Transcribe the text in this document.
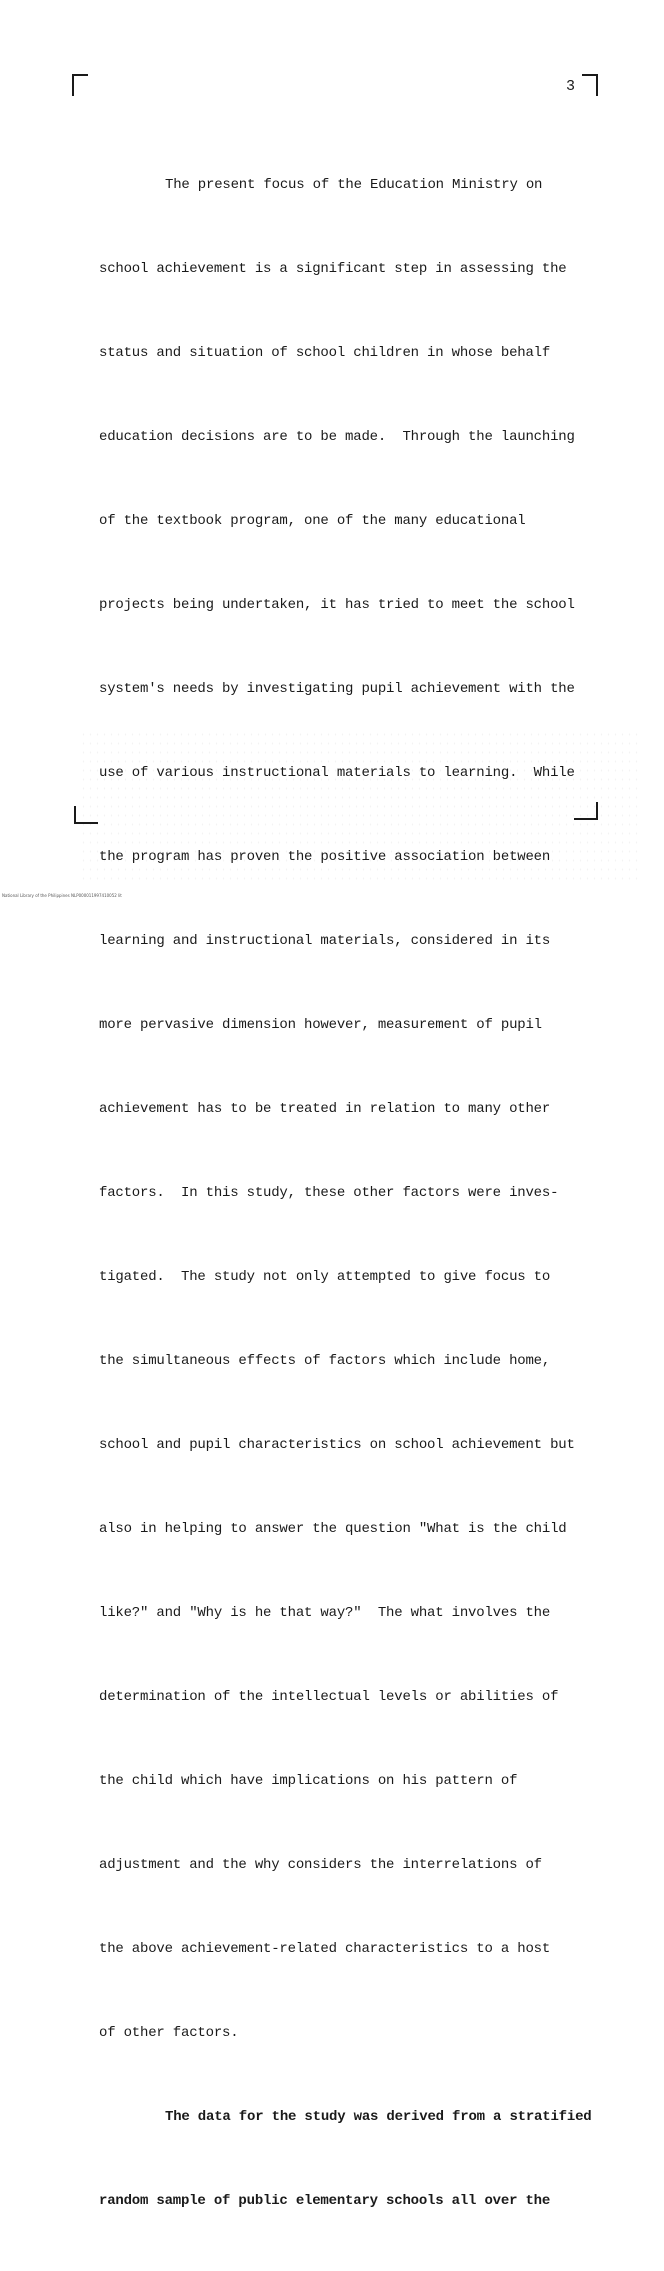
3

The present focus of the Education Ministry on

school achievement is a significant step in assessing the

status and situation of school children in whose behalf

education decisions are to be made.  Through the launching

of the textbook program, one of the many educational

projects being undertaken, it has tried to meet the school

system's needs by investigating pupil achievement with the

use of various instructional materials to learning.  While

the program has proven the positive association between

learning and instructional materials, considered in its

more pervasive dimension however, measurement of pupil

achievement has to be treated in relation to many other

factors.  In this study, these other factors were inves-

tigated.  The study not only attempted to give focus to

the simultaneous effects of factors which include home,

school and pupil characteristics on school achievement but

also in helping to answer the question "What is the child

like?" and "Why is he that way?"  The what involves the

determination of the intellectual levels or abilities of

the child which have implications on his pattern of

adjustment and the why considers the interrelations of

the above achievement-related characteristics to a host

of other factors.

The data for the study was derived from a stratified

random sample of public elementary schools all over the

National Library of the Philippines NLP000011997410052 lit
